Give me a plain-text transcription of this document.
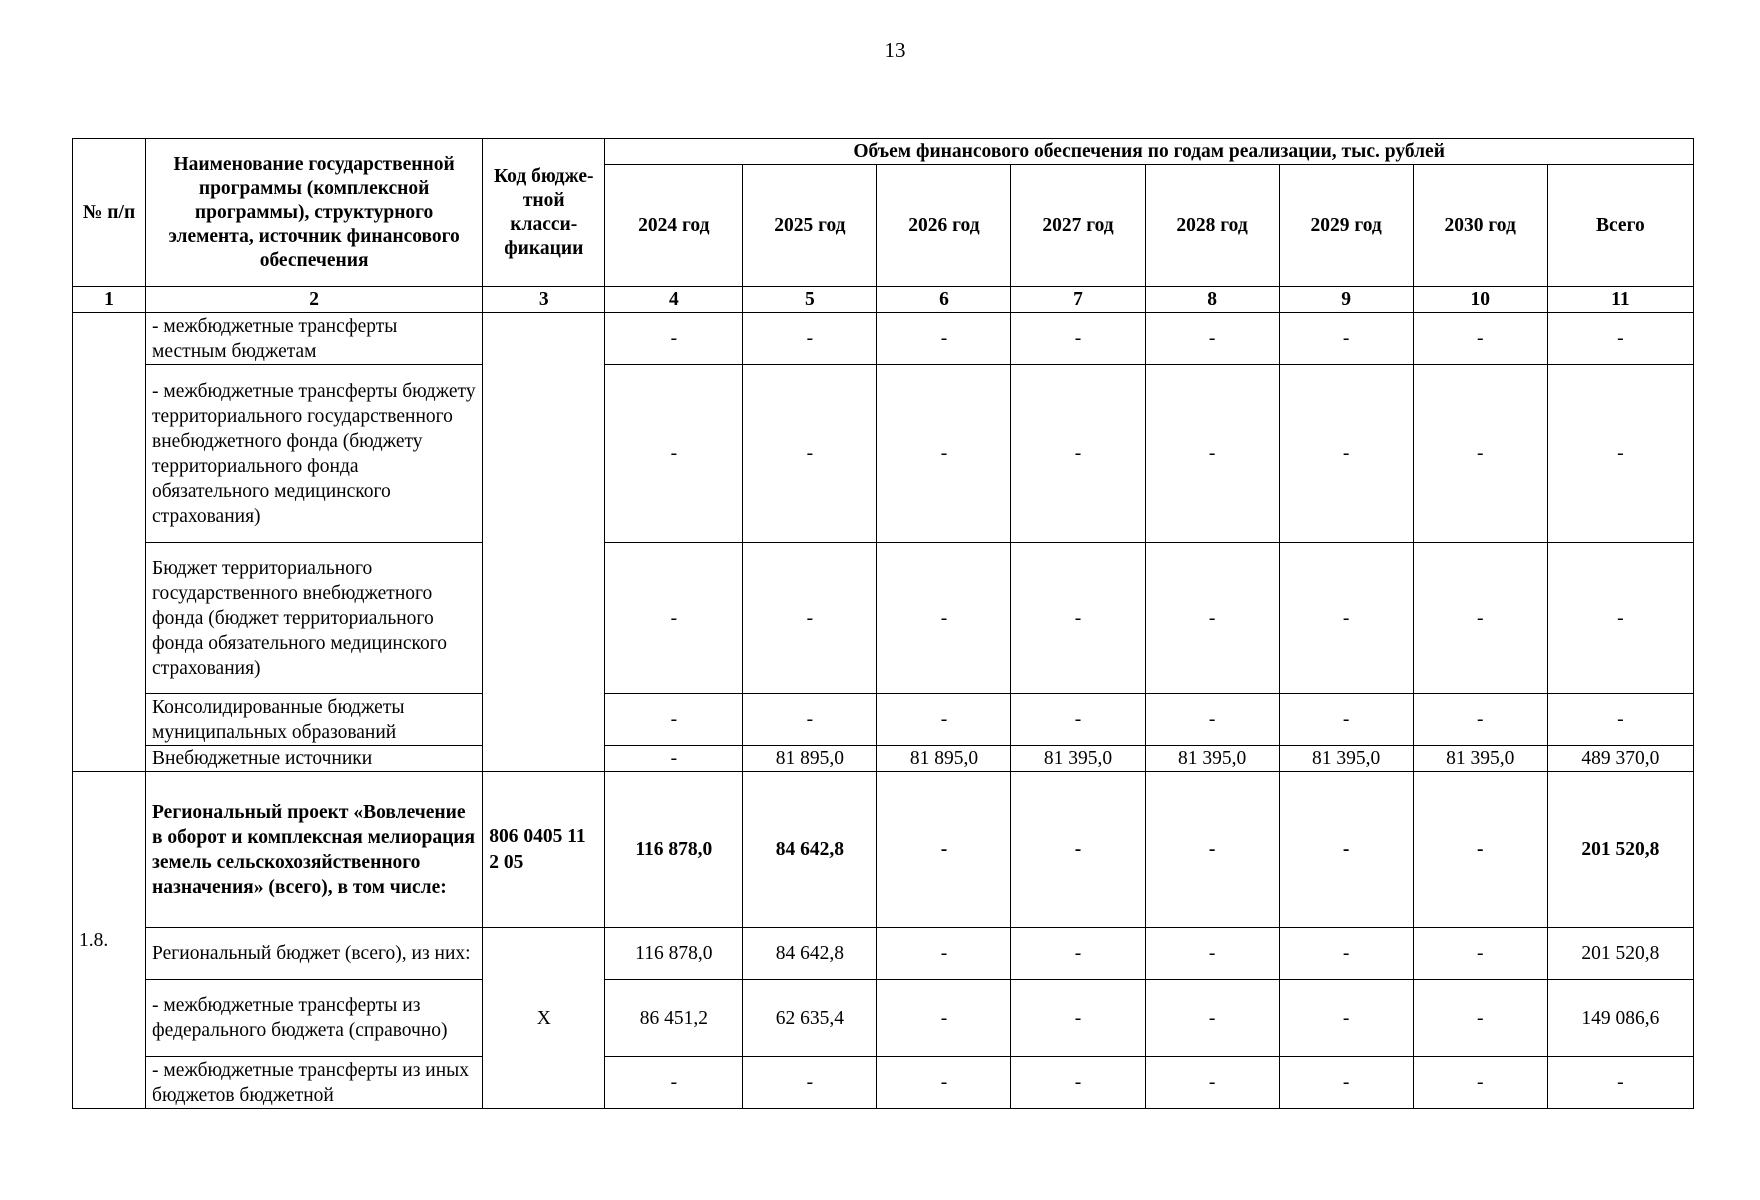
13
№ п/п	Наименование государственной программы (комплексной программы), структурного элемента, источник финансового обеспечения	Код бюдже-тной класси-фикации	Объем финансового обеспечения по годам реализации, тыс. рублей							
			2024 год	2025 год	2026 год	2027 год	2028 год	2029 год	2030 год	Всего
1	2	3	4	5	6	7	8	9	10	11
	- межбюджетные трансферты местным бюджетам		-	-	-	-	-	-	-	-
	- межбюджетные трансферты бюджету территориального государственного внебюджетного фонда (бюджету территориального фонда обязательного медицинского страхования)		-	-	-	-	-	-	-	-
	Бюджет территориального государственного внебюджетного фонда (бюджет территориального фонда обязательного медицинского страхования)		-	-	-	-	-	-	-	-
	Консолидированные бюджеты муниципальных образований		-	-	-	-	-	-	-	-
	Внебюджетные источники		-	81 895,0	81 895,0	81 395,0	81 395,0	81 395,0	81 395,0	489 370,0
1.8.	Региональный проект «Вовлечение в оборот и комплексная мелиорация земель сельскохозяйственного назначения» (всего), в том числе:	806 0405 11 2 05	116 878,0	84 642,8	-	-	-	-	-	201 520,8
	Региональный бюджет (всего), из них:	Х	116 878,0	84 642,8	-	-	-	-	-	201 520,8
	- межбюджетные трансферты из федерального бюджета (справочно)		86 451,2	62 635,4	-	-	-	-	-	149 086,6
	- межбюджетные трансферты из иных бюджетов бюджетной		-	-	-	-	-	-	-	-
